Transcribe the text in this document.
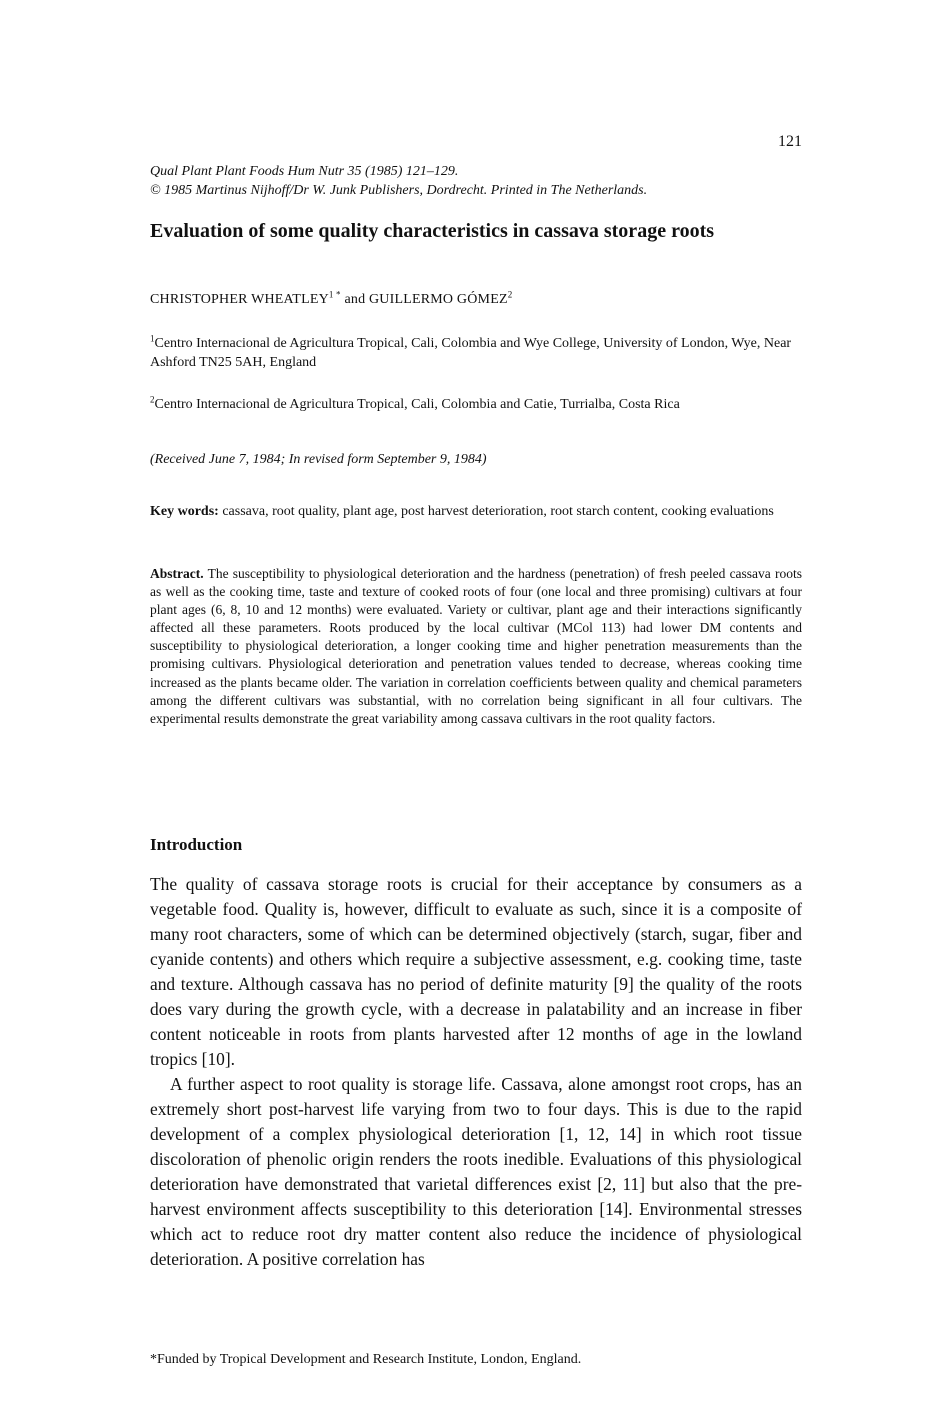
121
Qual Plant Plant Foods Hum Nutr 35 (1985) 121–129.
© 1985 Martinus Nijhoff/Dr W. Junk Publishers, Dordrecht. Printed in The Netherlands.
Evaluation of some quality characteristics in cassava storage roots
CHRISTOPHER $WHEATLEY^{1 *}$ and GUILLERMO GÓMEZ$^2$
$^1$Centro Internacional de Agricultura Tropical, Cali, Colombia and Wye College, University of London, Wye, Near Ashford TN25 5AH, England
$^2$Centro Internacional de Agricultura Tropical, Cali, Colombia and Catie, Turrialba, Costa Rica
(Received June 7, 1984; In revised form September 9, 1984)
Key words: cassava, root quality, plant age, post harvest deterioration, root starch content, cooking evaluations
Abstract. The susceptibility to physiological deterioration and the hardness (penetration) of fresh peeled cassava roots as well as the cooking time, taste and texture of cooked roots of four (one local and three promising) cultivars at four plant ages (6, 8, 10 and 12 months) were evaluated. Variety or cultivar, plant age and their interactions significantly affected all these parameters. Roots produced by the local cultivar (MCol 113) had lower DM contents and susceptibility to physiological deterioration, a longer cooking time and higher penetration measurements than the promising cultivars. Physiological deterioration and penetration values tended to decrease, whereas cooking time increased as the plants became older. The variation in correlation coefficients between quality and chemical parameters among the different cultivars was substantial, with no correlation being significant in all four cultivars. The experimental results demonstrate the great variability among cassava cultivars in the root quality factors.
Introduction

The quality of cassava storage roots is crucial for their acceptance by consumers as a vegetable food. Quality is, however, difficult to evaluate as such, since it is a composite of many root characters, some of which can be determined objectively (starch, sugar, fiber and cyanide contents) and others which require a subjective assessment, e.g. cooking time, taste and texture. Although cassava has no period of definite maturity [9] the quality of the roots does vary during the growth cycle, with a decrease in palatability and an increase in fiber content noticeable in roots from plants harvested after 12 months of age in the lowland tropics [10].

A further aspect to root quality is storage life. Cassava, alone amongst root crops, has an extremely short post-harvest life varying from two to four days. This is due to the rapid development of a complex physiological deterioration [1, 12, 14] in which root tissue discoloration of phenolic origin renders the roots inedible. Evaluations of this physiological deterioration have demonstrated that varietal differences exist [2, 11] but also that the pre-harvest environment affects susceptibility to this deterioration [14]. Environmental stresses which act to reduce root dry matter content also reduce the incidence of physiological deterioration. A positive correlation has

*Funded by Tropical Development and Research Institute, London, England.
